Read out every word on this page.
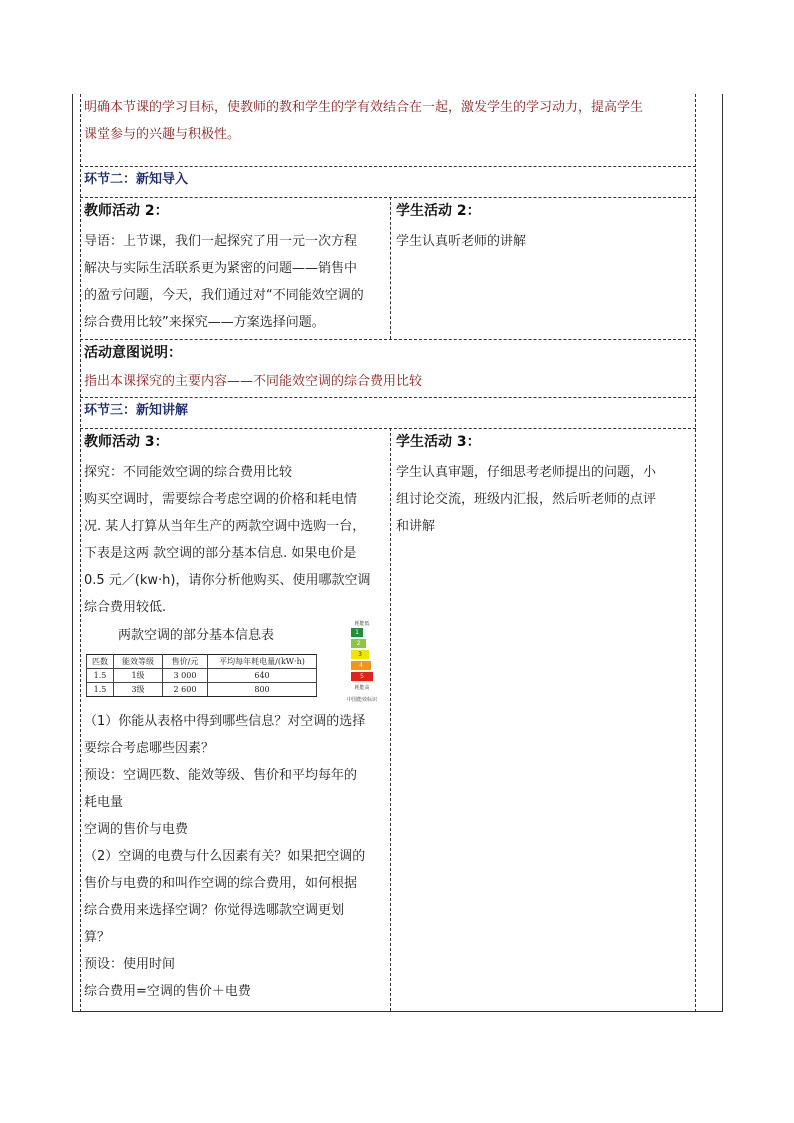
明确本节课的学习目标，使教师的教和学生的学有效结合在一起，激发学生的学习动力，提高学生
课堂参与的兴趣与积极性。
环节二：新知导入
教师活动 2：
导语：上节课，我们一起探究了用一元一次方程
解决与实际生活联系更为紧密的问题——销售中
的盈亏问题，今天，我们通过对“不同能效空调的
综合费用比较”来探究——方案选择问题。
学生活动 2：
学生认真听老师的讲解
活动意图说明：
指出本课探究的主要内容——不同能效空调的综合费用比较
环节三：新知讲解
教师活动 3：
探究：不同能效空调的综合费用比较
购买空调时，需要综合考虑空调的价格和耗电情
况. 某人打算从当年生产的两款空调中选购一台，
下表是这两 款空调的部分基本信息. 如果电价是
0.5 元／(kw·h)，请你分析他购买、使用哪款空调
综合费用较低.
两款空调的部分基本信息表
匹数	能效等级	售价/元	平均每年耗电量/(kW·h)
1.5	1级	3 000	640
1.5	3级	2 600	800
耗能低
1
2
3
4
5
耗能高
中国能效标识
（1）你能从表格中得到哪些信息？对空调的选择
要综合考虑哪些因素？
预设：空调匹数、能效等级、售价和平均每年的
耗电量
空调的售价与电费
（2）空调的电费与什么因素有关？如果把空调的
售价与电费的和叫作空调的综合费用，如何根据
综合费用来选择空调？你觉得选哪款空调更划
算？
预设：使用时间
综合费用=空调的售价＋电费
学生活动 3：
学生认真审题，仔细思考老师提出的问题，小
组讨论交流，班级内汇报，然后听老师的点评
和讲解
